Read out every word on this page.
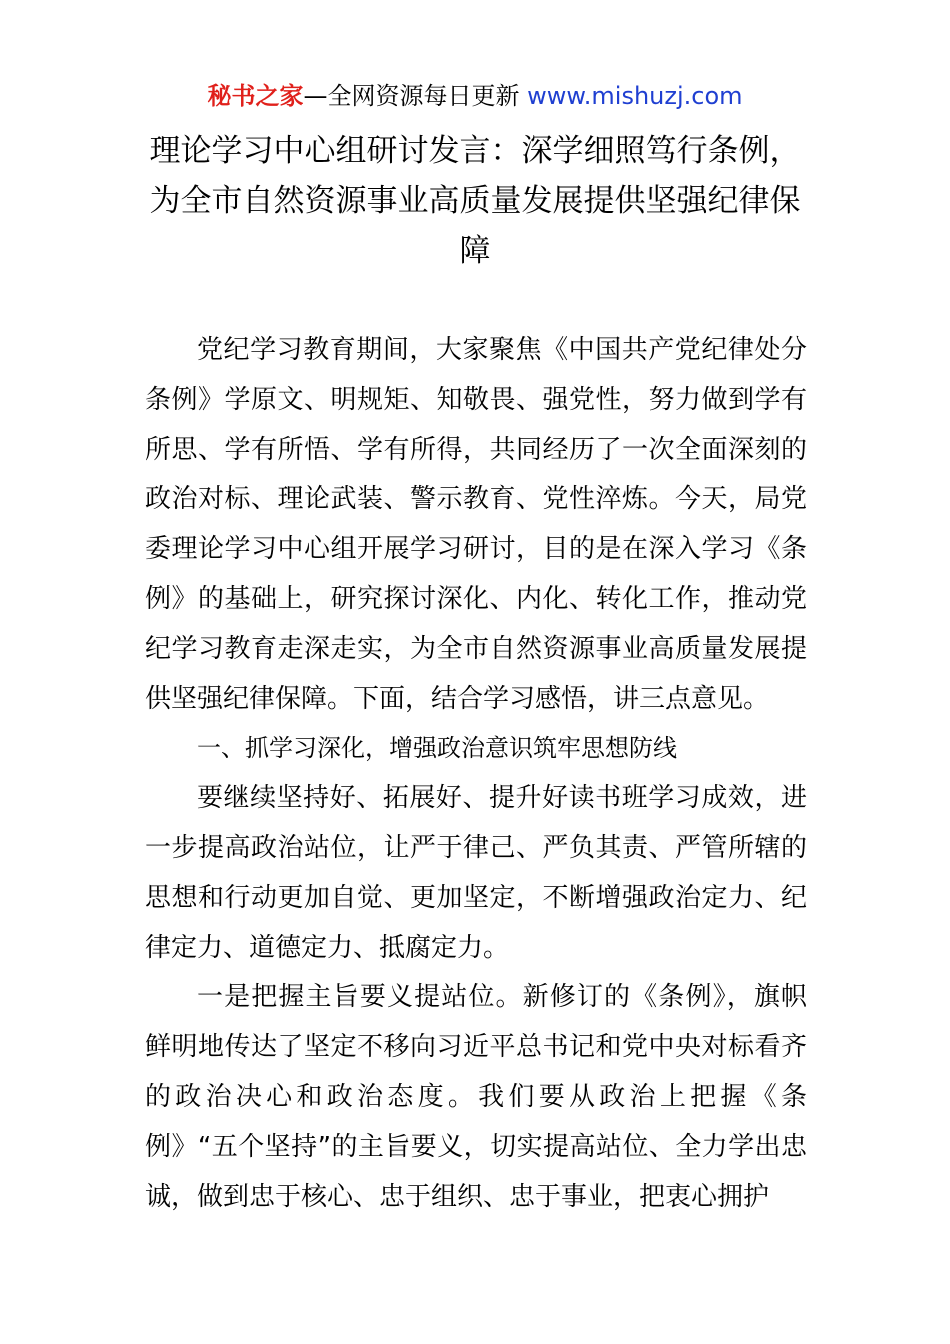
秘书之家—全网资源每日更新 www.mishuzj.com
理论学习中心组研讨发言：深学细照笃行条例，为全市自然资源事业高质量发展提供坚强纪律保障

党纪学习教育期间，大家聚焦《中国共产党纪律处分条例》学原文、明规矩、知敬畏、强党性，努力做到学有所思、学有所悟、学有所得，共同经历了一次全面深刻的政治对标、理论武装、警示教育、党性淬炼。今天，局党委理论学习中心组开展学习研讨，目的是在深入学习《条例》的基础上，研究探讨深化、内化、转化工作，推动党纪学习教育走深走实，为全市自然资源事业高质量发展提供坚强纪律保障。下面，结合学习感悟，讲三点意见。

一、抓学习深化，增强政治意识筑牢思想防线

要继续坚持好、拓展好、提升好读书班学习成效，进一步提高政治站位，让严于律己、严负其责、严管所辖的思想和行动更加自觉、更加坚定，不断增强政治定力、纪律定力、道德定力、抵腐定力。

一是把握主旨要义提站位。新修订的《条例》，旗帜鲜明地传达了坚定不移向习近平总书记和党中央对标看齐的政治决心和政治态度。我们要从政治上把握《条例》“五个坚持”的主旨要义，切实提高站位、全力学出忠诚，做到忠于核心、忠于组织、忠于事业，把衷心拥护
